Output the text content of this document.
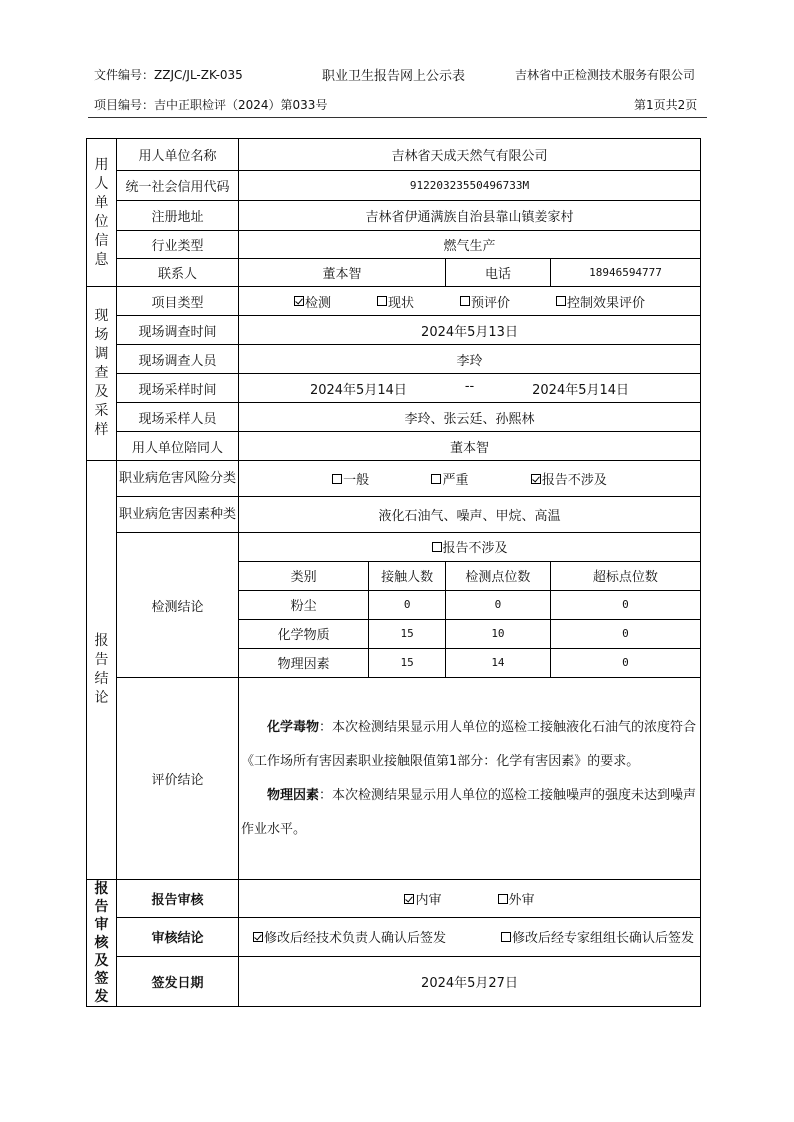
文件编号：ZZJC/JL-ZK-035	职业卫生报告网上公示表	吉林省中正检测技术服务有限公司
项目编号：吉中正职检评（2024）第033号	第1页共2页
用人单位信息
	用人单位名称	吉林省天成天然气有限公司
统一社会信用代码	91220323550496733M
注册地址	吉林省伊通满族自治县靠山镇姜家村
行业类型	燃气生产
联系人	董本智	电话	18946594777

现场调查及采样
	项目类型	检测	现状	预评价	控制效果评价

现场调查时间	2024年5月13日
现场调查人员	李玲
现场采样时间	2024年5月14日	--	2024年5月14日

现场采样人员	李玲、张云廷、孙熙林
用人单位陪同人	董本智

报告结论
	职业病危害风险分类	一般	严重	报告不涉及

职业病危害因素种类	液化石油气、噪声、甲烷、高温
检测结论	
报告不涉及

类别	接触人数	检测点位数	超标点位数
粉尘	0	0	0
化学物质	15	10	0
物理因素	15	14	0

评价结论	
化学毒物：本次检测结果显示用人单位的巡检工接触液化石油气的浓度符合《工作场所有害因素职业接触限值第1部分：化学有害因素》的要求。
物理因素：本次检测结果显示用人单位的巡检工接触噪声的强度未达到噪声作业水平。

报告审核及签发
	报告审核	内审	外审

审核结论	修改后经技术负责人确认后签发	修改后经专家组组长确认后签发

签发日期	2024年5月27日
